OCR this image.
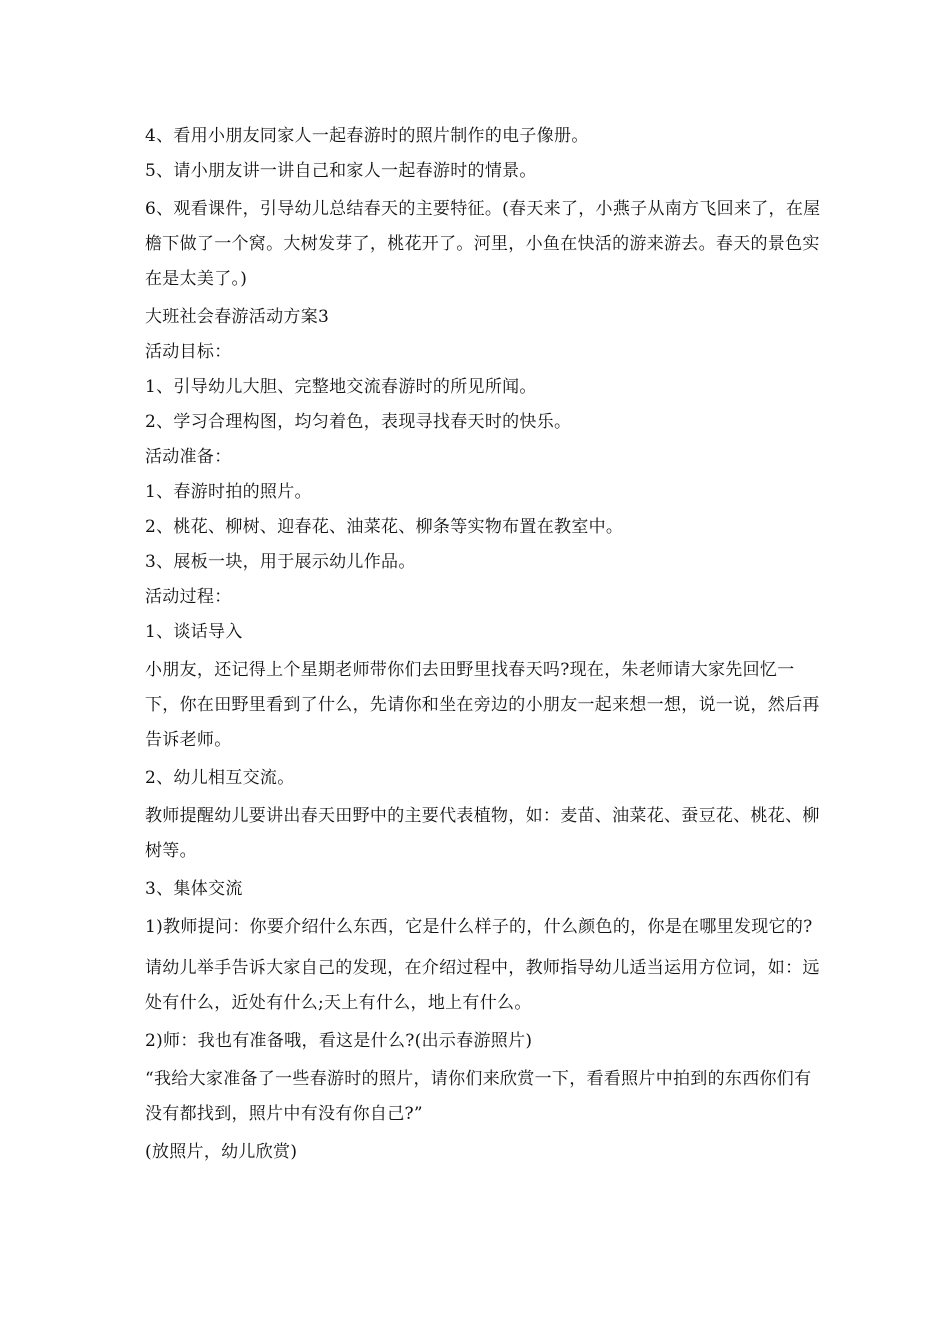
4、看用小朋友同家人一起春游时的照片制作的电子像册。

5、请小朋友讲一讲自己和家人一起春游时的情景。

6、观看课件，引导幼儿总结春天的主要特征。(春天来了，小燕子从南方飞回来了，在屋檐下做了一个窝。大树发芽了，桃花开了。河里，小鱼在快活的游来游去。春天的景色实在是太美了。)

大班社会春游活动方案3

活动目标：

1、引导幼儿大胆、完整地交流春游时的所见所闻。

2、学习合理构图，均匀着色，表现寻找春天时的快乐。

活动准备：

1、春游时拍的照片。

2、桃花、柳树、迎春花、油菜花、柳条等实物布置在教室中。

3、展板一块，用于展示幼儿作品。

活动过程：

1、谈话导入

小朋友，还记得上个星期老师带你们去田野里找春天吗?现在，朱老师请大家先回忆一下，你在田野里看到了什么，先请你和坐在旁边的小朋友一起来想一想，说一说，然后再告诉老师。

2、幼儿相互交流。

教师提醒幼儿要讲出春天田野中的主要代表植物，如：麦苗、油菜花、蚕豆花、桃花、柳树等。

3、集体交流

1)教师提问：你要介绍什么东西，它是什么样子的，什么颜色的，你是在哪里发现它的?

请幼儿举手告诉大家自己的发现，在介绍过程中，教师指导幼儿适当运用方位词，如：远处有什么，近处有什么;天上有什么，地上有什么。

2)师：我也有准备哦，看这是什么?(出示春游照片)

“我给大家准备了一些春游时的照片，请你们来欣赏一下，看看照片中拍到的东西你们有没有都找到，照片中有没有你自己?”

(放照片，幼儿欣赏)
